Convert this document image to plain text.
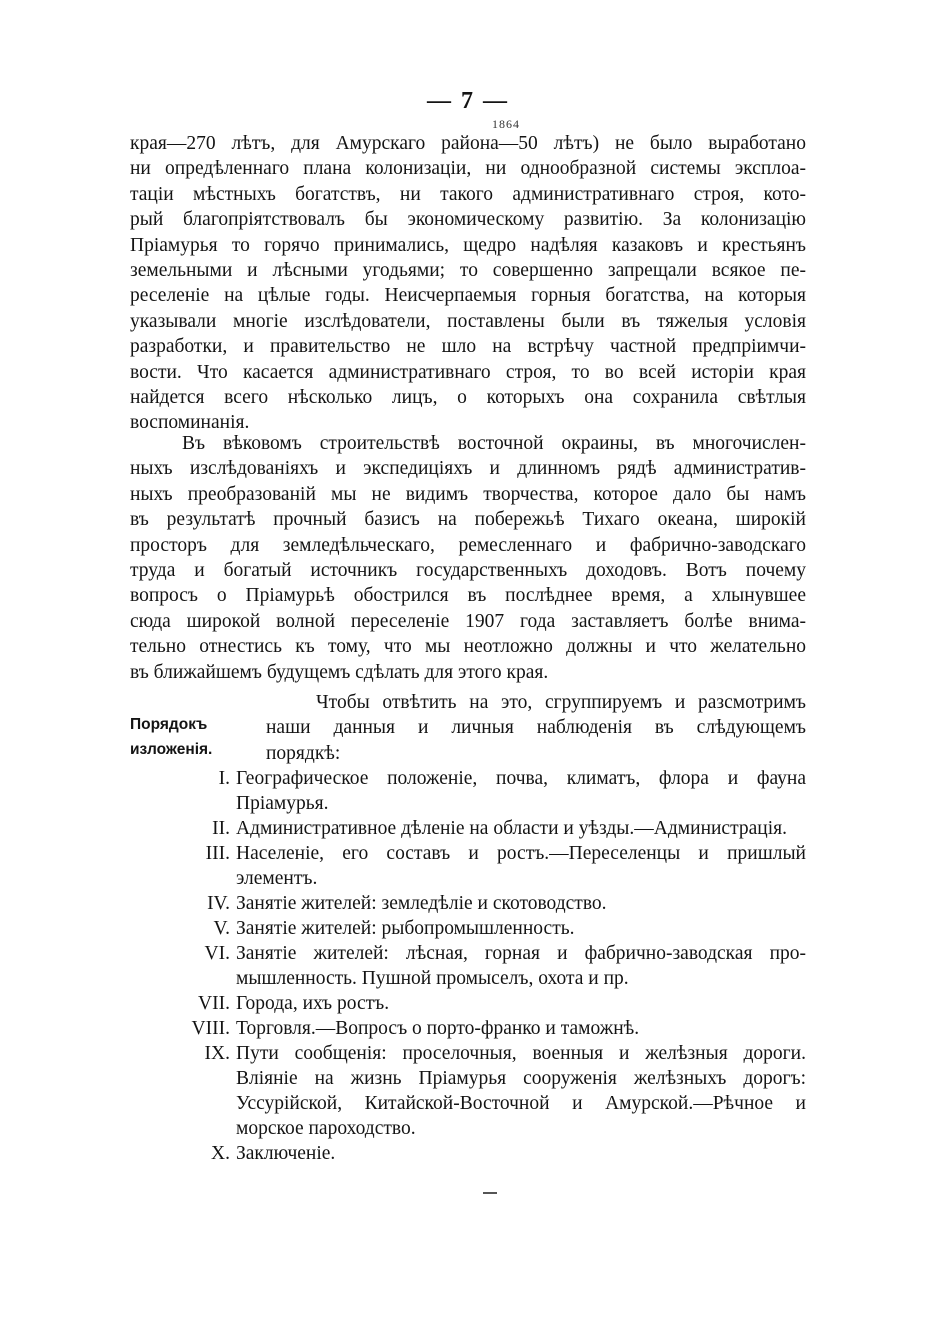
— 7 —
1864
края—270 лѣтъ, для Амурскаго района—50 лѣтъ) не было выработано
ни опредѣленнаго плана колонизаціи, ни однообразной системы эксплоа-
таціи мѣстныхъ богатствъ, ни такого административнаго строя, кото-
рый благопріятствовалъ бы экономическому развитію. За колонизацію
Пріамурья то горячо принимались, щедро надѣляя казаковъ и крестьянъ
земельными и лѣсными угодьями; то совершенно запрещали всякое пе-
реселеніе на цѣлые годы. Неисчерпаемыя горныя богатства, на которыя
указывали многіе изслѣдователи, поставлены были въ тяжелыя условія
разработки, и правительство не шло на встрѣчу частной предпріимчи-
вости. Что касается административнаго строя, то во всей исторіи края
найдется всего нѣсколько лицъ, о которыхъ она сохранила свѣтлыя
воспоминанія.
Въ вѣковомъ строительствѣ восточной окраины, въ многочислен-
ныхъ изслѣдованіяхъ и экспедиціяхъ и длинномъ рядѣ административ-
ныхъ преобразованій мы не видимъ творчества, которое дало бы намъ
въ результатѣ прочный базисъ на побережьѣ Тихаго океана, широкій
просторъ для земледѣльческаго, ремесленнаго и фабрично-заводскаго
труда и богатый источникъ государственныхъ доходовъ. Вотъ почему
вопросъ о Пріамурьѣ обострился въ послѣднее время, а хлынувшее
сюда широкой волной переселеніе 1907 года заставляетъ болѣе внима-
тельно отнестись къ тому, что мы неотложно должны и что желательно
въ ближайшемъ будущемъ сдѣлать для этого края.
Чтобы отвѣтить на это, сгруппируемъ и разсмотримъ
наши данныя и личныя наблюденія въ слѣдующемъ
порядкѣ:
Порядокъ
изложенія.
I. Географическое положеніе, почва, климатъ, флора и фауна
Пріамурья.
II. Административное дѣленіе на области и уѣзды.—Администрація.
III. Населеніе, его составъ и ростъ.—Переселенцы и пришлый
элементъ.
IV. Занятіе жителей: земледѣліе и скотоводство.
V. Занятіе жителей: рыбопромышленность.
VI. Занятіе жителей: лѣсная, горная и фабрично-заводская про-
мышленность. Пушной промыселъ, охота и пр.
VII. Города, ихъ ростъ.
VIII. Торговля.—Вопросъ о порто-франко и таможнѣ.
IX. Пути сообщенія: проселочныя, военныя и желѣзныя дороги.
Вліяніе на жизнь Пріамурья сооруженія желѣзныхъ дорогъ:
Уссурійской, Китайской-Восточной и Амурской.—Рѣчное и
морское пароходство.
X. Заключеніе.
